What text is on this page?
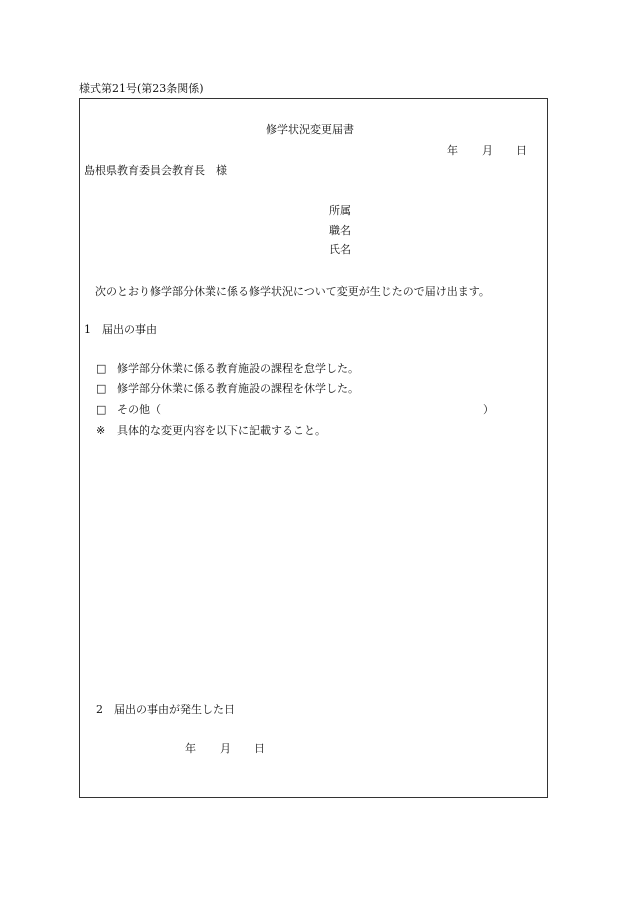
様式第21号(第23条関係)
修学状況変更届書
年 月 日
島根県教育委員会教育長　様
所属
職名
氏名
次のとおり修学部分休業に係る修学状況について変更が生じたので届け出ます。
1　届出の事由
□ 修学部分休業に係る教育施設の課程を怠学した。
□ 修学部分休業に係る教育施設の課程を休学した。
□ その他（	）
※ 具体的な変更内容を以下に記載すること。
2　届出の事由が発生した日
年 月 日
